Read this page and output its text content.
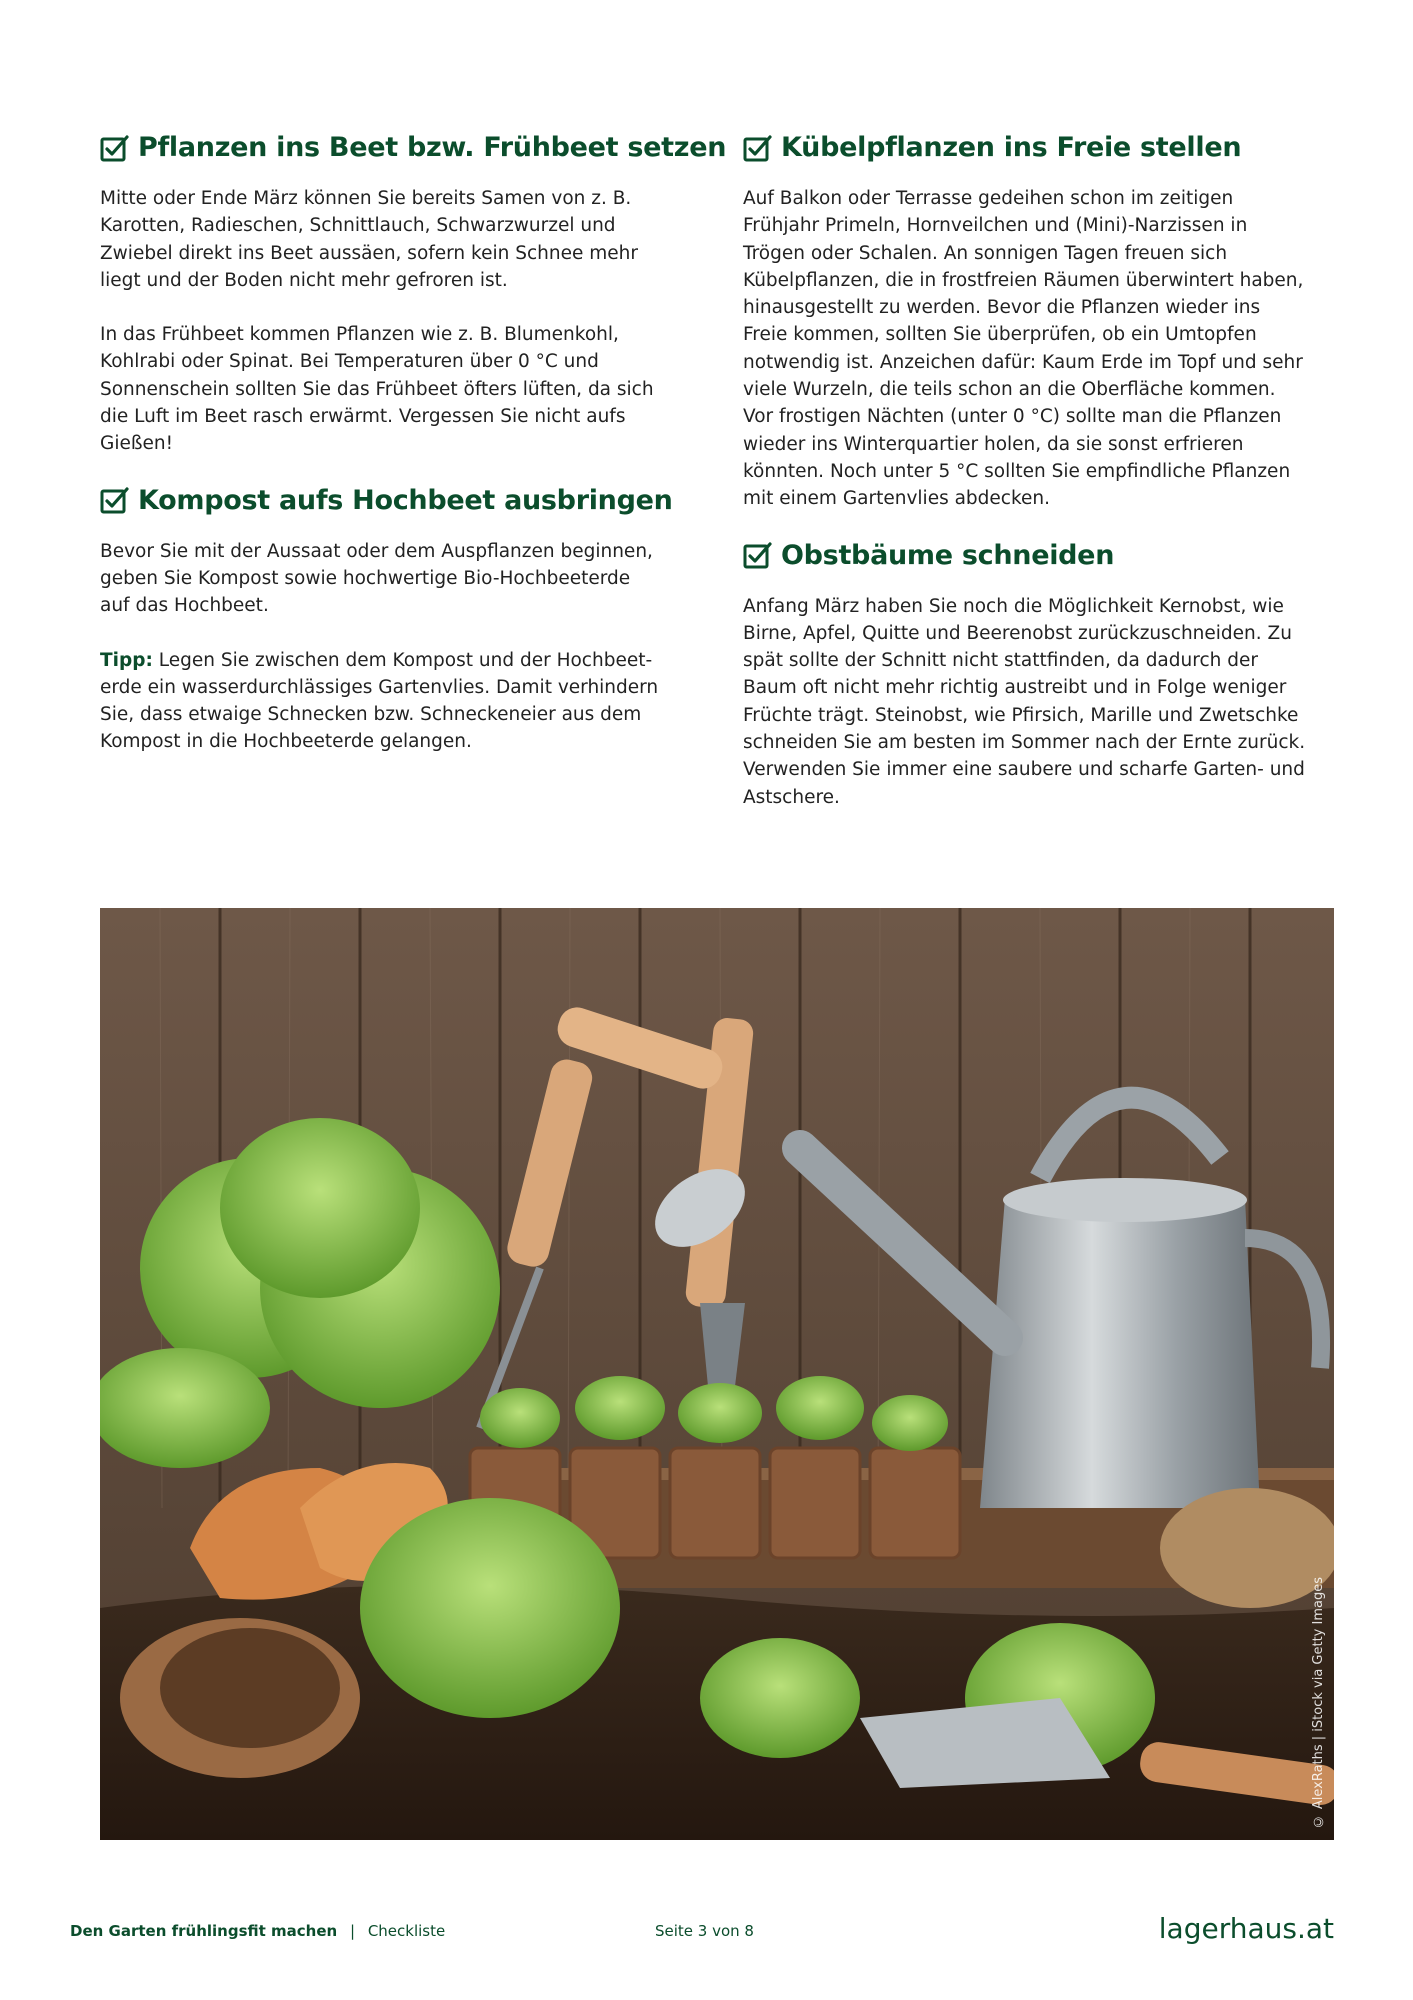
Pflanzen ins Beet bzw. Frühbeet setzen

Mitte oder Ende März können Sie bereits Samen von z. B. Karotten, Radieschen, Schnittlauch, Schwarzwurzel und Zwiebel direkt ins Beet aussäen, sofern kein Schnee mehr liegt und der Boden nicht mehr gefroren ist.

In das Frühbeet kommen Pflanzen wie z. B. Blumenkohl, Kohlrabi oder Spinat. Bei Temperaturen über 0 °C und Sonnenschein sollten Sie das Frühbeet öfters lüften, da sich die Luft im Beet rasch erwärmt. Vergessen Sie nicht aufs Gießen!

Kompost aufs Hochbeet ausbringen

Bevor Sie mit der Aussaat oder dem Auspflanzen beginnen, geben Sie Kompost sowie hochwertige Bio-Hochbeeterde auf das Hochbeet.

Tipp: Legen Sie zwischen dem Kompost und der Hochbeeterde ein wasserdurchlässiges Gartenvlies. Damit verhindern Sie, dass etwaige Schnecken bzw. Schneckeneier aus dem Kompost in die Hochbeeterde gelangen.

Kübelpflanzen ins Freie stellen

Auf Balkon oder Terrasse gedeihen schon im zeitigen Frühjahr Primeln, Hornveilchen und (Mini)-Narzissen in Trögen oder Schalen. An sonnigen Tagen freuen sich Kübelpflanzen, die in frostfreien Räumen überwintert haben, hinausgestellt zu werden. Bevor die Pflanzen wieder ins Freie kommen, sollten Sie überprüfen, ob ein Umtopfen notwendig ist. Anzeichen dafür: Kaum Erde im Topf und sehr viele Wurzeln, die teils schon an die Oberfläche kommen. Vor frostigen Nächten (unter 0 °C) sollte man die Pflanzen wieder ins Winterquartier holen, da sie sonst erfrieren könnten. Noch unter 5 °C sollten Sie empfindliche Pflanzen mit einem Gartenvlies abdecken.

Obstbäume schneiden

Anfang März haben Sie noch die Möglichkeit Kernobst, wie Birne, Apfel, Quitte und Beerenobst zurückzuschneiden. Zu spät sollte der Schnitt nicht stattfinden, da dadurch der Baum oft nicht mehr richtig austreibt und in Folge weniger Früchte trägt. Steinobst, wie Pfirsich, Marille und Zwetschke schneiden Sie am besten im Sommer nach der Ernte zurück. Verwenden Sie immer eine saubere und scharfe Garten- und Astschere.

© AlexRaths | iStock via Getty Images
Den Garten frühlingsfit machen | Checkliste	Seite 3 von 8	lagerhaus.at
